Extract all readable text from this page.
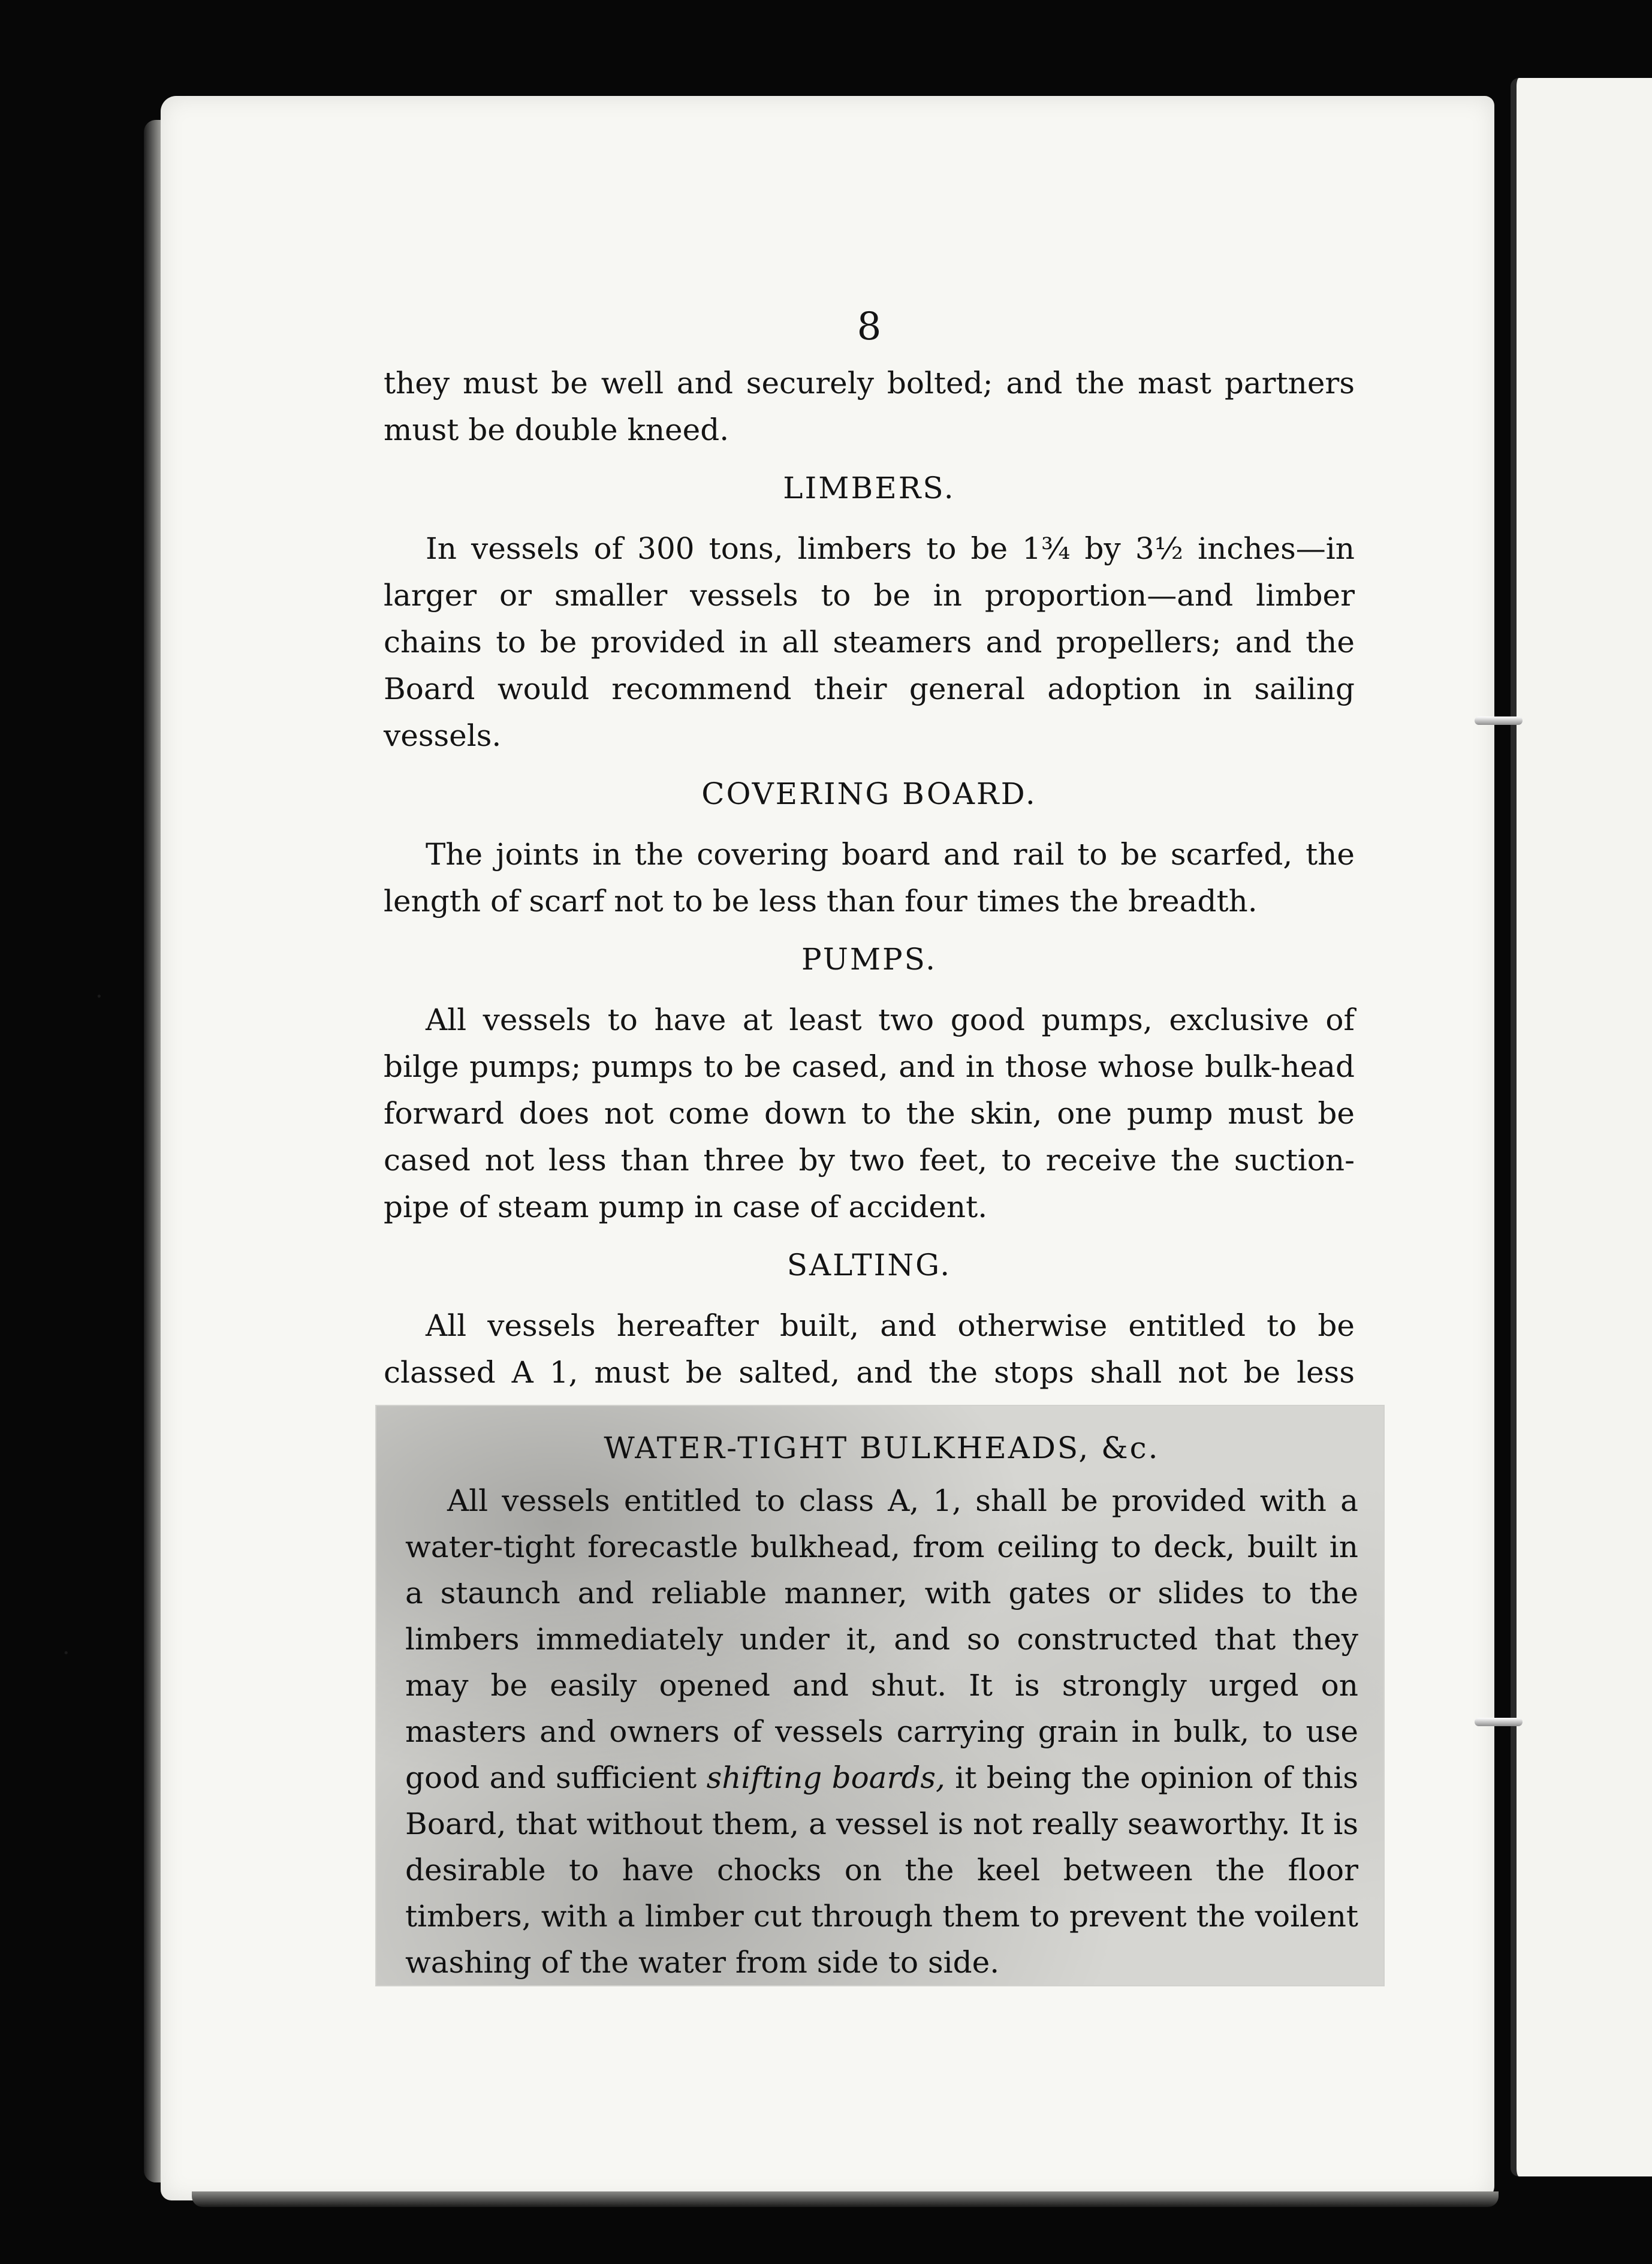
8

they must be well and securely bolted; and the mast partners must be double kneed.

LIMBERS.

In vessels of 300 tons, limbers to be 1¾ by 3½ inches—in larger or smaller vessels to be in proportion—and limber chains to be provided in all steamers and propellers; and the Board would recommend their general adoption in sailing vessels.

COVERING BOARD.

The joints in the covering board and rail to be scarfed, the length of scarf not to be less than four times the breadth.

PUMPS.

All vessels to have at least two good pumps, exclusive of bilge pumps; pumps to be cased, and in those whose bulk-head forward does not come down to the skin, one pump must be cased not less than three by two feet, to receive the suction-pipe of steam pump in case of accident.

SALTING.

All vessels hereafter built, and otherwise entitled to be classed A 1, must be salted, and the stops shall not be less

WATER-TIGHT BULKHEADS, &c.

All vessels entitled to class A, 1, shall be provided with a water-tight forecastle bulkhead, from ceiling to deck, built in a staunch and reliable manner, with gates or slides to the limbers immediately under it, and so constructed that they may be easily opened and shut. It is strongly urged on masters and owners of vessels carrying grain in bulk, to use good and sufficient shifting boards, it being the opinion of this Board, that without them, a vessel is not really seaworthy. It is desirable to have chocks on the keel between the floor timbers, with a limber cut through them to prevent the voilent washing of the water from side to side.
